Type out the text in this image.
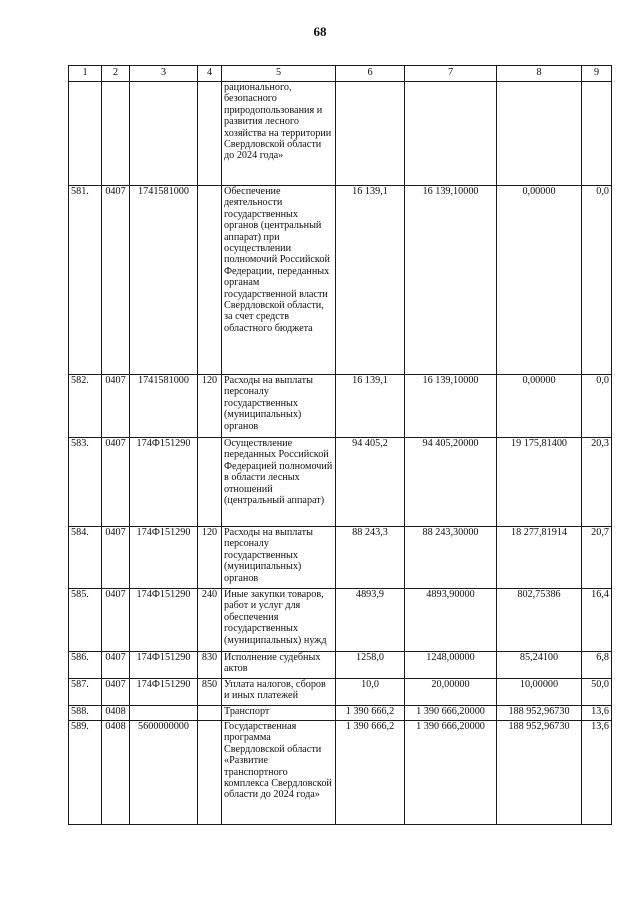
68
1	2	3	4	5	6	7	8	9
				рационального, безопасного природопользования и развития лесного хозяйства на территории Свердловской области до 2024 года»				
581.	0407	1741581000		Обеспечение деятельности государственных органов (центральный аппарат) при осуществлении полномочий Российской Федерации, переданных органам государственной власти Свердловской области, за счет средств областного бюджета	16 139,1	16 139,10000	0,00000	0,0
582.	0407	1741581000	120	Расходы на выплаты персоналу государственных (муниципальных) органов	16 139,1	16 139,10000	0,00000	0,0
583.	0407	174Ф151290		Осуществление переданных Российской Федерацией полномочий в области лесных отношений (центральный аппарат)	94 405,2	94 405,20000	19 175,81400	20,3
584.	0407	174Ф151290	120	Расходы на выплаты персоналу государственных (муниципальных) органов	88 243,3	88 243,30000	18 277,81914	20,7
585.	0407	174Ф151290	240	Иные закупки товаров, работ и услуг для обеспечения государственных (муниципальных) нужд	4893,9	4893,90000	802,75386	16,4
586.	0407	174Ф151290	830	Исполнение судебных актов	1258,0	1248,00000	85,24100	6,8
587.	0407	174Ф151290	850	Уплата налогов, сборов и иных платежей	10,0	20,00000	10,00000	50,0
588.	0408			Транспорт	1 390 666,2	1 390 666,20000	188 952,96730	13,6
589.	0408	5600000000		Государственная программа Свердловской области «Развитие транспортного комплекса Свердловской области до 2024 года»	1 390 666,2	1 390 666,20000	188 952,96730	13,6
